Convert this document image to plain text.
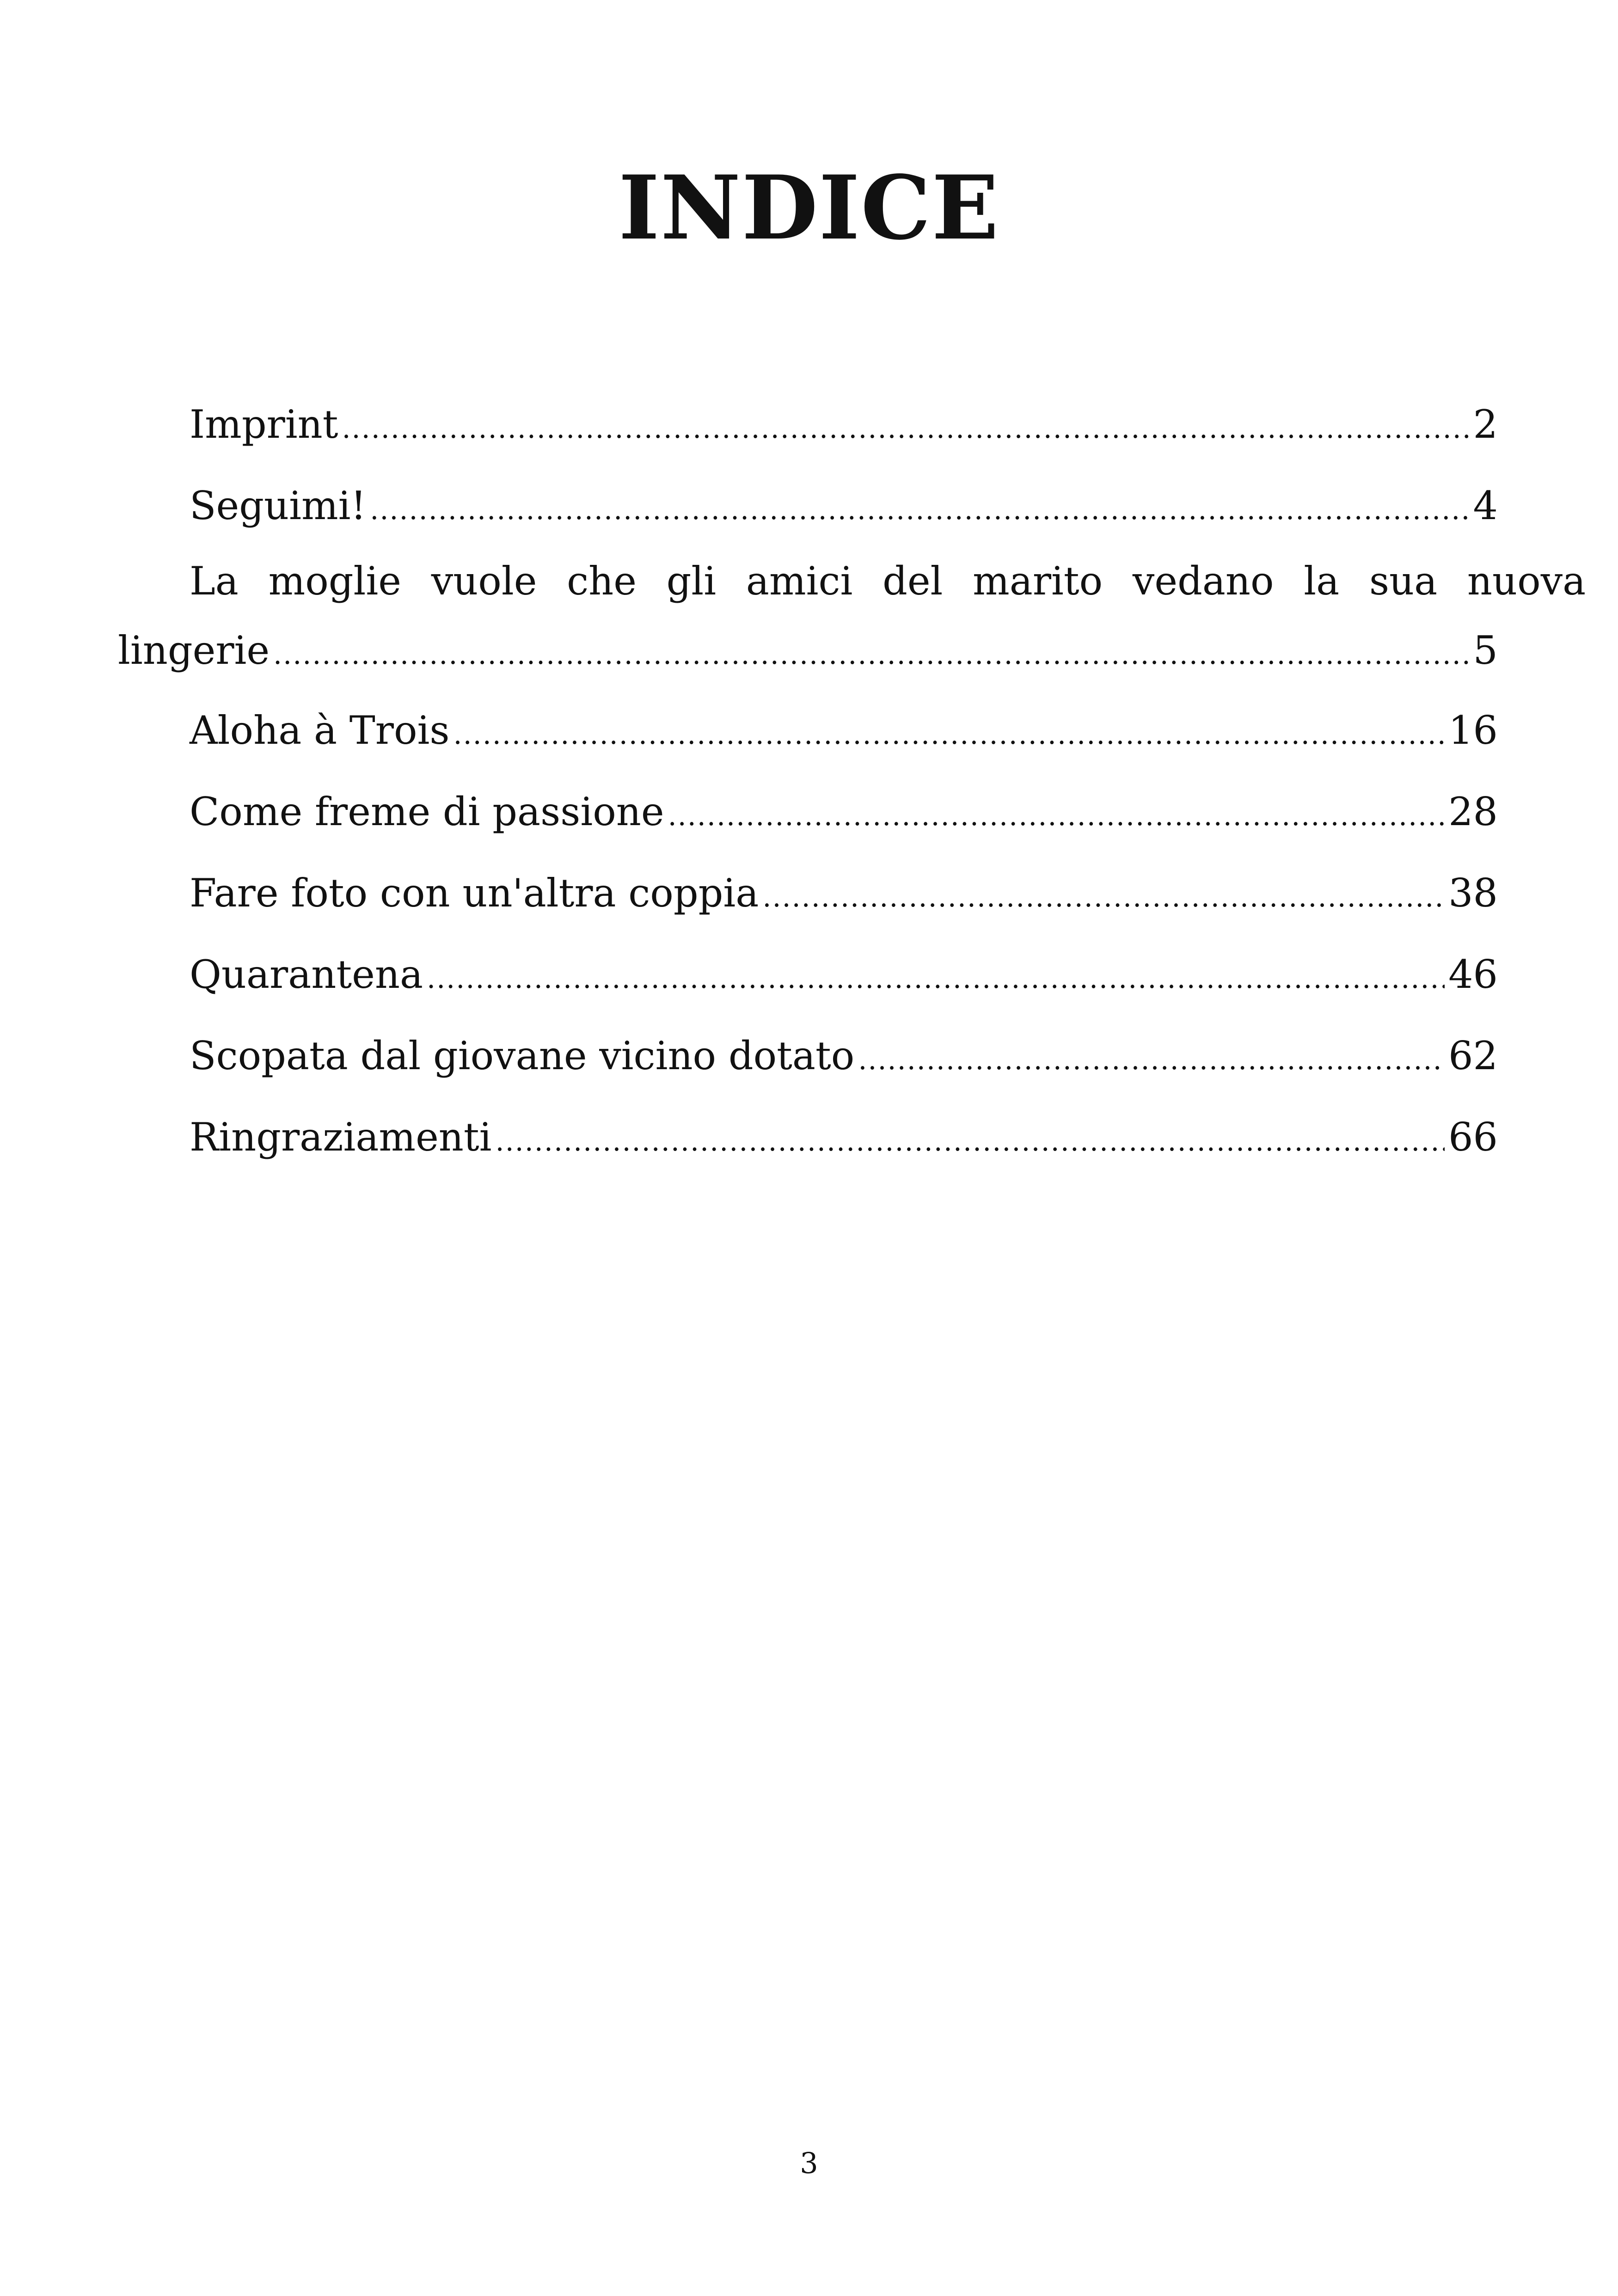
INDICE
Imprint .....	2
Seguimi! .....	4
La moglie vuole che gli amici del marito vedano la sua nuova
lingerie .....	5
Aloha à Trois .....	16
Come freme di passione .....	28
Fare foto con un'altra coppia .....	38
Quarantena .....	46
Scopata dal giovane vicino dotato .....	62
Ringraziamenti .....	66
3
